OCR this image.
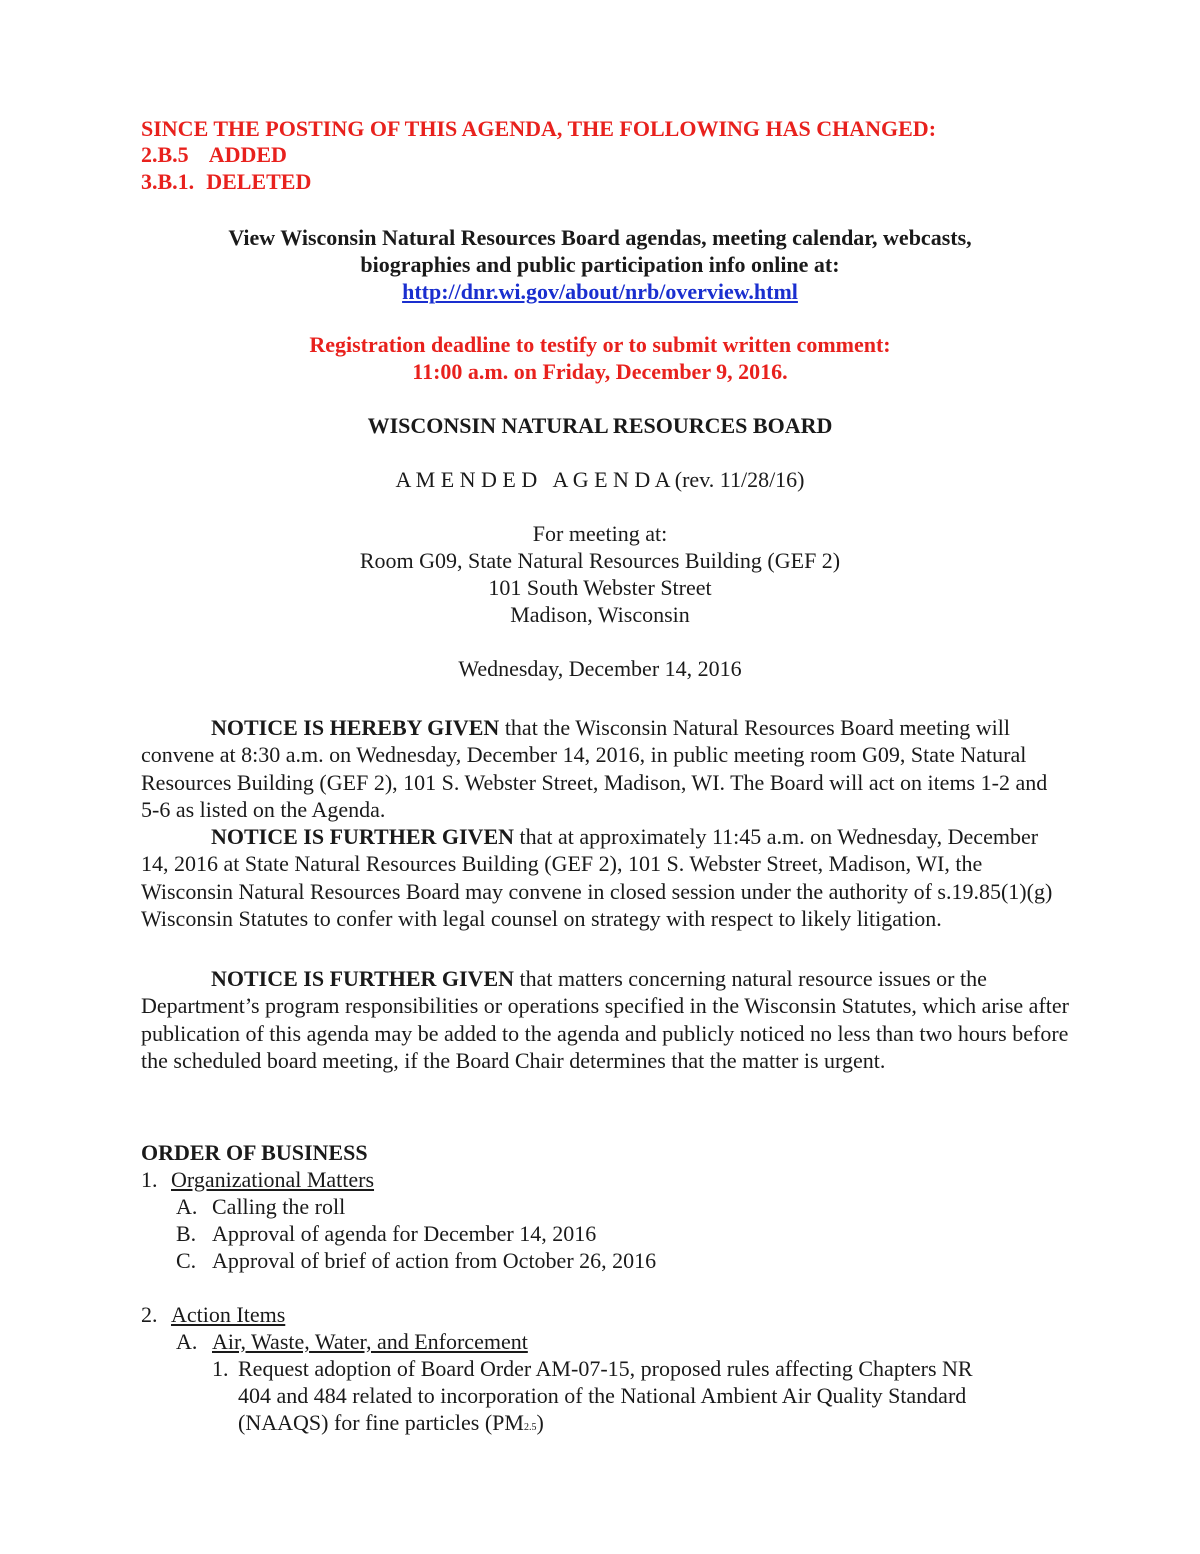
SINCE THE POSTING OF THIS AGENDA, THE FOLLOWING HAS CHANGED:
2.B.5 ADDED
3.B.1. DELETED
View Wisconsin Natural Resources Board agendas, meeting calendar, webcasts,
biographies and public participation info online at:
http://dnr.wi.gov/about/nrb/overview.html
Registration deadline to testify or to submit written comment:
11:00 a.m. on Friday, December 9, 2016.
WISCONSIN NATURAL RESOURCES BOARD
A M E N D E D   A G E N D A (rev. 11/28/16)
For meeting at:
Room G09, State Natural Resources Building (GEF 2)
101 South Webster Street
Madison, Wisconsin
Wednesday, December 14, 2016
NOTICE IS HEREBY GIVEN that the Wisconsin Natural Resources Board meeting will convene at 8:30 a.m. on Wednesday, December 14, 2016, in public meeting room G09, State Natural Resources Building (GEF 2), 101 S. Webster Street, Madison, WI. The Board will act on items 1-2 and 5-6 as listed on the Agenda.
NOTICE IS FURTHER GIVEN that at approximately 11:45 a.m. on Wednesday, December 14, 2016 at State Natural Resources Building (GEF 2), 101 S. Webster Street, Madison, WI, the Wisconsin Natural Resources Board may convene in closed session under the authority of s.19.85(1)(g) Wisconsin Statutes to confer with legal counsel on strategy with respect to likely litigation.
NOTICE IS FURTHER GIVEN that matters concerning natural resource issues or the Department’s program responsibilities or operations specified in the Wisconsin Statutes, which arise after publication of this agenda may be added to the agenda and publicly noticed no less than two hours before the scheduled board meeting, if the Board Chair determines that the matter is urgent.
ORDER OF BUSINESS
1. Organizational Matters
A. Calling the roll
B. Approval of agenda for December 14, 2016
C. Approval of brief of action from October 26, 2016
2. Action Items
A. Air, Waste, Water, and Enforcement
1. Request adoption of Board Order AM-07-15, proposed rules affecting Chapters NR
404 and 484 related to incorporation of the National Ambient Air Quality Standard
(NAAQS) for fine particles (PM2.5)
